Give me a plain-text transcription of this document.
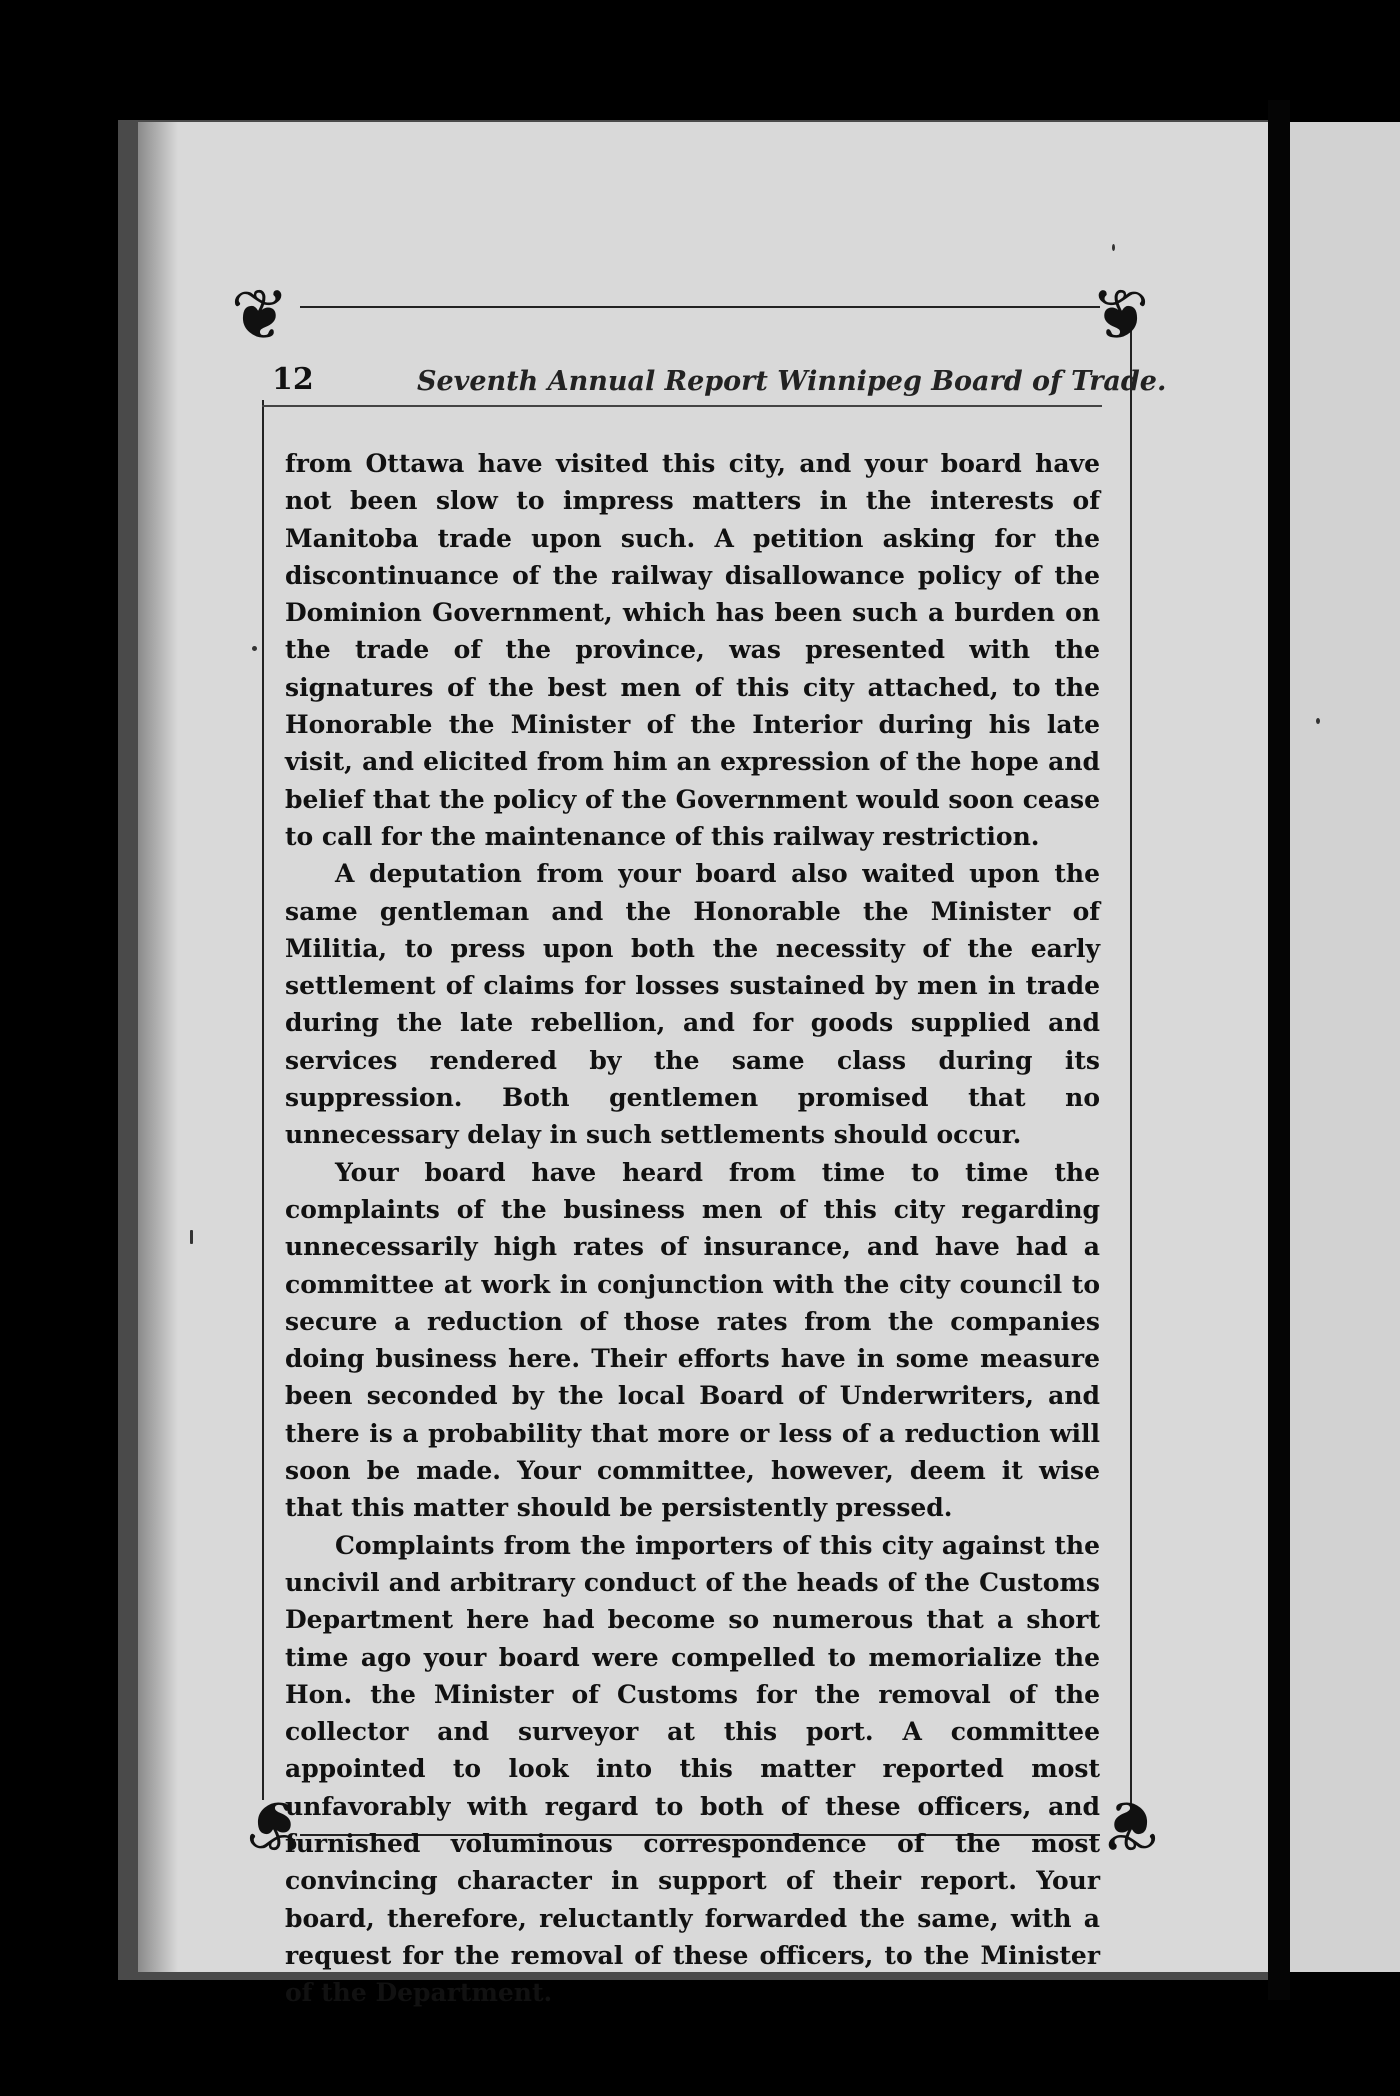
❦	❦
❦	❦
12	Seventh Annual Report Winnipeg Board of Trade.

from Ottawa have visited this city, and your board have not been slow to impress matters in the interests of Manitoba trade upon such. A petition asking for the discontinuance of the railway disallowance policy of the Dominion Government, which has been such a burden on the trade of the province, was presented with the signatures of the best men of this city attached, to the Honorable the Minister of the Interior during his late visit, and elicited from him an expression of the hope and belief that the policy of the Government would soon cease to call for the maintenance of this railway restriction.

A deputation from your board also waited upon the same gentleman and the Honorable the Minister of Militia, to press upon both the necessity of the early settlement of claims for losses sustained by men in trade during the late rebellion, and for goods supplied and services rendered by the same class during its suppression. Both gentlemen promised that no unnecessary delay in such settlements should occur.

Your board have heard from time to time the complaints of the business men of this city regarding unnecessarily high rates of insurance, and have had a committee at work in conjunction with the city council to secure a reduction of those rates from the companies doing business here. Their efforts have in some measure been seconded by the local Board of Underwriters, and there is a probability that more or less of a reduction will soon be made. Your committee, however, deem it wise that this matter should be persistently pressed.

Complaints from the importers of this city against the uncivil and arbitrary conduct of the heads of the Customs Department here had become so numerous that a short time ago your board were compelled to memorialize the Hon. the Minister of Customs for the removal of the collector and surveyor at this port. A committee appointed to look into this matter reported most unfavorably with regard to both of these officers, and furnished voluminous correspondence of the most convincing character in support of their report. Your board, therefore, reluctantly forwarded the same, with a request for the removal of these officers, to the Minister of the Department.
